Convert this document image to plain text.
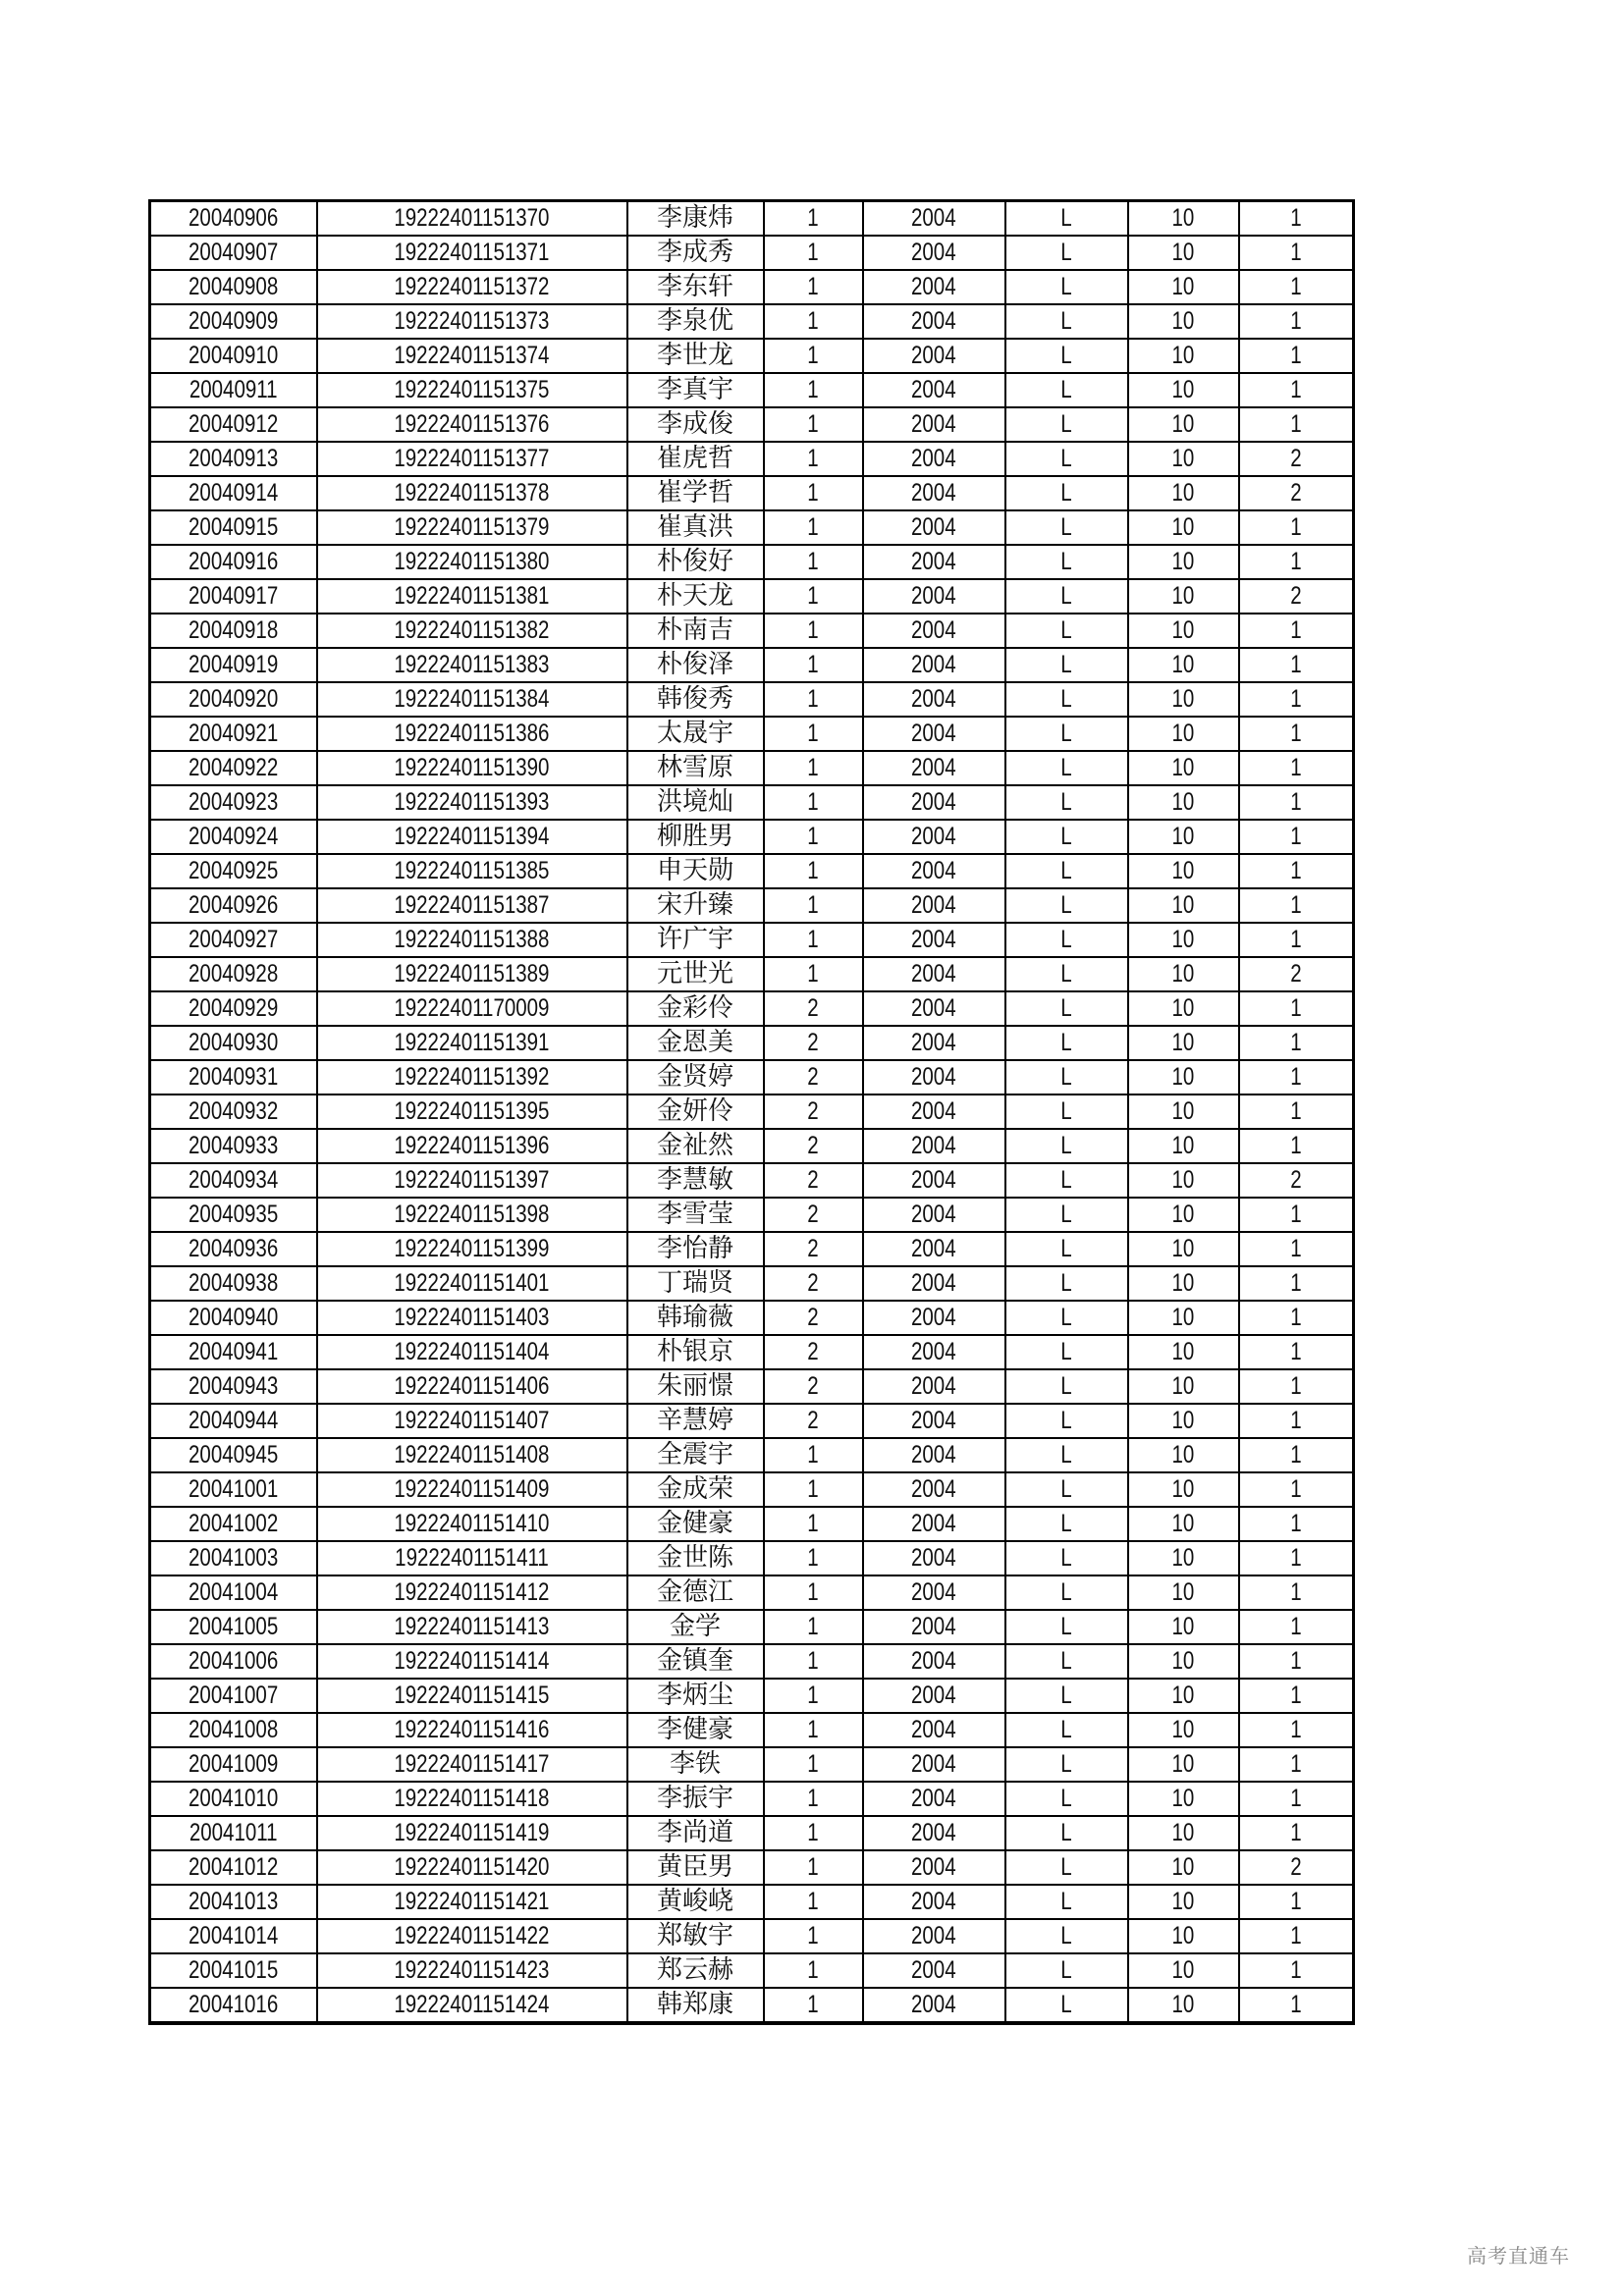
20040906	19222401151370	李康炜	1	2004	L	10	1
20040907	19222401151371	李成秀	1	2004	L	10	1
20040908	19222401151372	李东轩	1	2004	L	10	1
20040909	19222401151373	李泉优	1	2004	L	10	1
20040910	19222401151374	李世龙	1	2004	L	10	1
20040911	19222401151375	李真宇	1	2004	L	10	1
20040912	19222401151376	李成俊	1	2004	L	10	1
20040913	19222401151377	崔虎哲	1	2004	L	10	2
20040914	19222401151378	崔学哲	1	2004	L	10	2
20040915	19222401151379	崔真洪	1	2004	L	10	1
20040916	19222401151380	朴俊好	1	2004	L	10	1
20040917	19222401151381	朴天龙	1	2004	L	10	2
20040918	19222401151382	朴南吉	1	2004	L	10	1
20040919	19222401151383	朴俊泽	1	2004	L	10	1
20040920	19222401151384	韩俊秀	1	2004	L	10	1
20040921	19222401151386	太晟宇	1	2004	L	10	1
20040922	19222401151390	林雪原	1	2004	L	10	1
20040923	19222401151393	洪境灿	1	2004	L	10	1
20040924	19222401151394	柳胜男	1	2004	L	10	1
20040925	19222401151385	申天勋	1	2004	L	10	1
20040926	19222401151387	宋升臻	1	2004	L	10	1
20040927	19222401151388	许广宇	1	2004	L	10	1
20040928	19222401151389	元世光	1	2004	L	10	2
20040929	19222401170009	金彩伶	2	2004	L	10	1
20040930	19222401151391	金恩美	2	2004	L	10	1
20040931	19222401151392	金贤婷	2	2004	L	10	1
20040932	19222401151395	金妍伶	2	2004	L	10	1
20040933	19222401151396	金祉然	2	2004	L	10	1
20040934	19222401151397	李慧敏	2	2004	L	10	2
20040935	19222401151398	李雪莹	2	2004	L	10	1
20040936	19222401151399	李怡静	2	2004	L	10	1
20040938	19222401151401	丁瑞贤	2	2004	L	10	1
20040940	19222401151403	韩瑜薇	2	2004	L	10	1
20040941	19222401151404	朴银京	2	2004	L	10	1
20040943	19222401151406	朱丽憬	2	2004	L	10	1
20040944	19222401151407	辛慧婷	2	2004	L	10	1
20040945	19222401151408	全震宇	1	2004	L	10	1
20041001	19222401151409	金成荣	1	2004	L	10	1
20041002	19222401151410	金健豪	1	2004	L	10	1
20041003	19222401151411	金世陈	1	2004	L	10	1
20041004	19222401151412	金德江	1	2004	L	10	1
20041005	19222401151413	金学	1	2004	L	10	1
20041006	19222401151414	金镇奎	1	2004	L	10	1
20041007	19222401151415	李炳尘	1	2004	L	10	1
20041008	19222401151416	李健豪	1	2004	L	10	1
20041009	19222401151417	李铁	1	2004	L	10	1
20041010	19222401151418	李振宇	1	2004	L	10	1
20041011	19222401151419	李尚道	1	2004	L	10	1
20041012	19222401151420	黄臣男	1	2004	L	10	2
20041013	19222401151421	黄峻峣	1	2004	L	10	1
20041014	19222401151422	郑敏宇	1	2004	L	10	1
20041015	19222401151423	郑云赫	1	2004	L	10	1
20041016	19222401151424	韩郑康	1	2004	L	10	1
高考直通车
